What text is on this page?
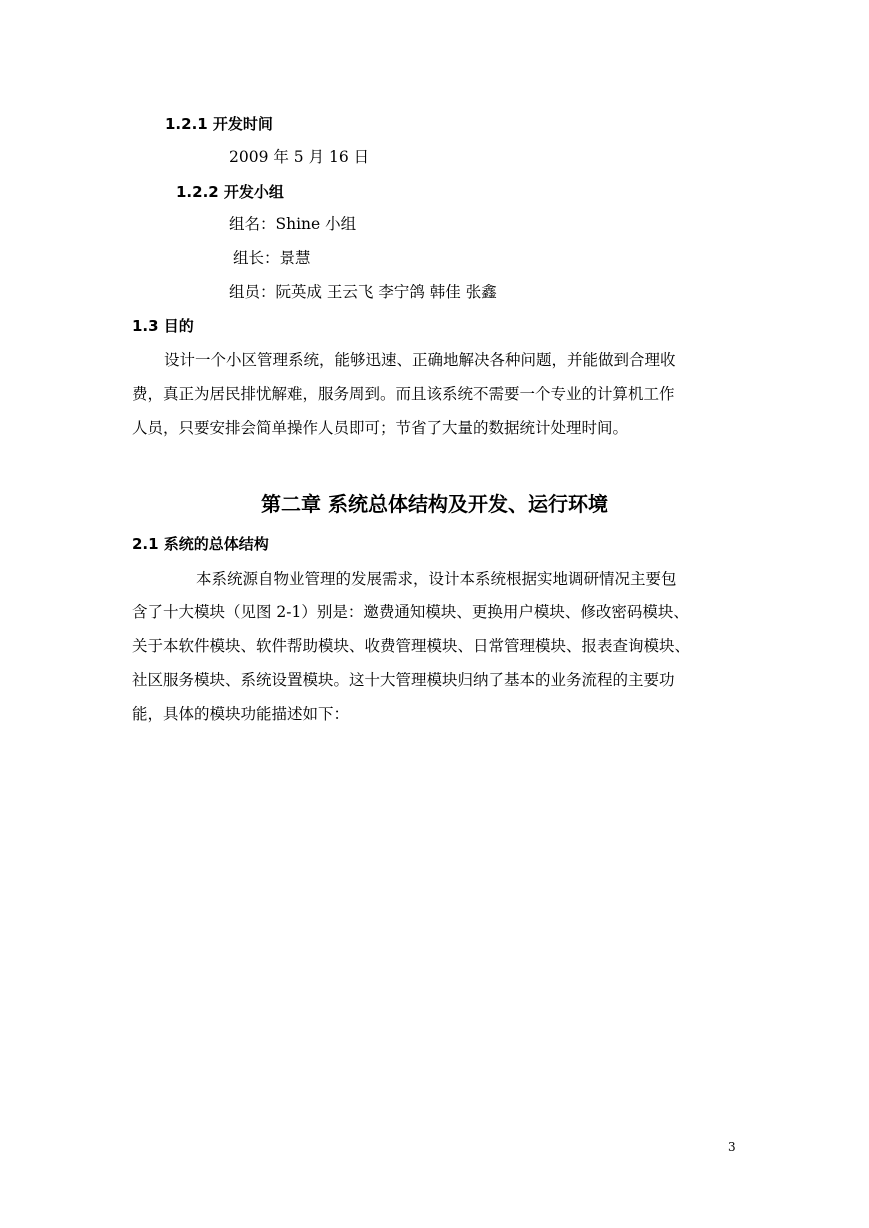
1.2.1 开发时间
2009 年 5 月 16 日
1.2.2 开发小组
组名：Shine 小组
组长：景慧
组员：阮英成 王云飞 李宁鸽 韩佳 张鑫
1.3 目的
设计一个小区管理系统，能够迅速、正确地解决各种问题，并能做到合理收
费，真正为居民排忧解难，服务周到。而且该系统不需要一个专业的计算机工作
人员，只要安排会简单操作人员即可；节省了大量的数据统计处理时间。
第二章 系统总体结构及开发、运行环境
2.1 系统的总体结构
本系统源自物业管理的发展需求，设计本系统根据实地调研情况主要包
含了十大模块（见图 2-1）别是：邀费通知模块、更换用户模块、修改密码模块、
关于本软件模块、软件帮助模块、收费管理模块、日常管理模块、报表查询模块、
社区服务模块、系统设置模块。这十大管理模块归纳了基本的业务流程的主要功
能，具体的模块功能描述如下：
3
